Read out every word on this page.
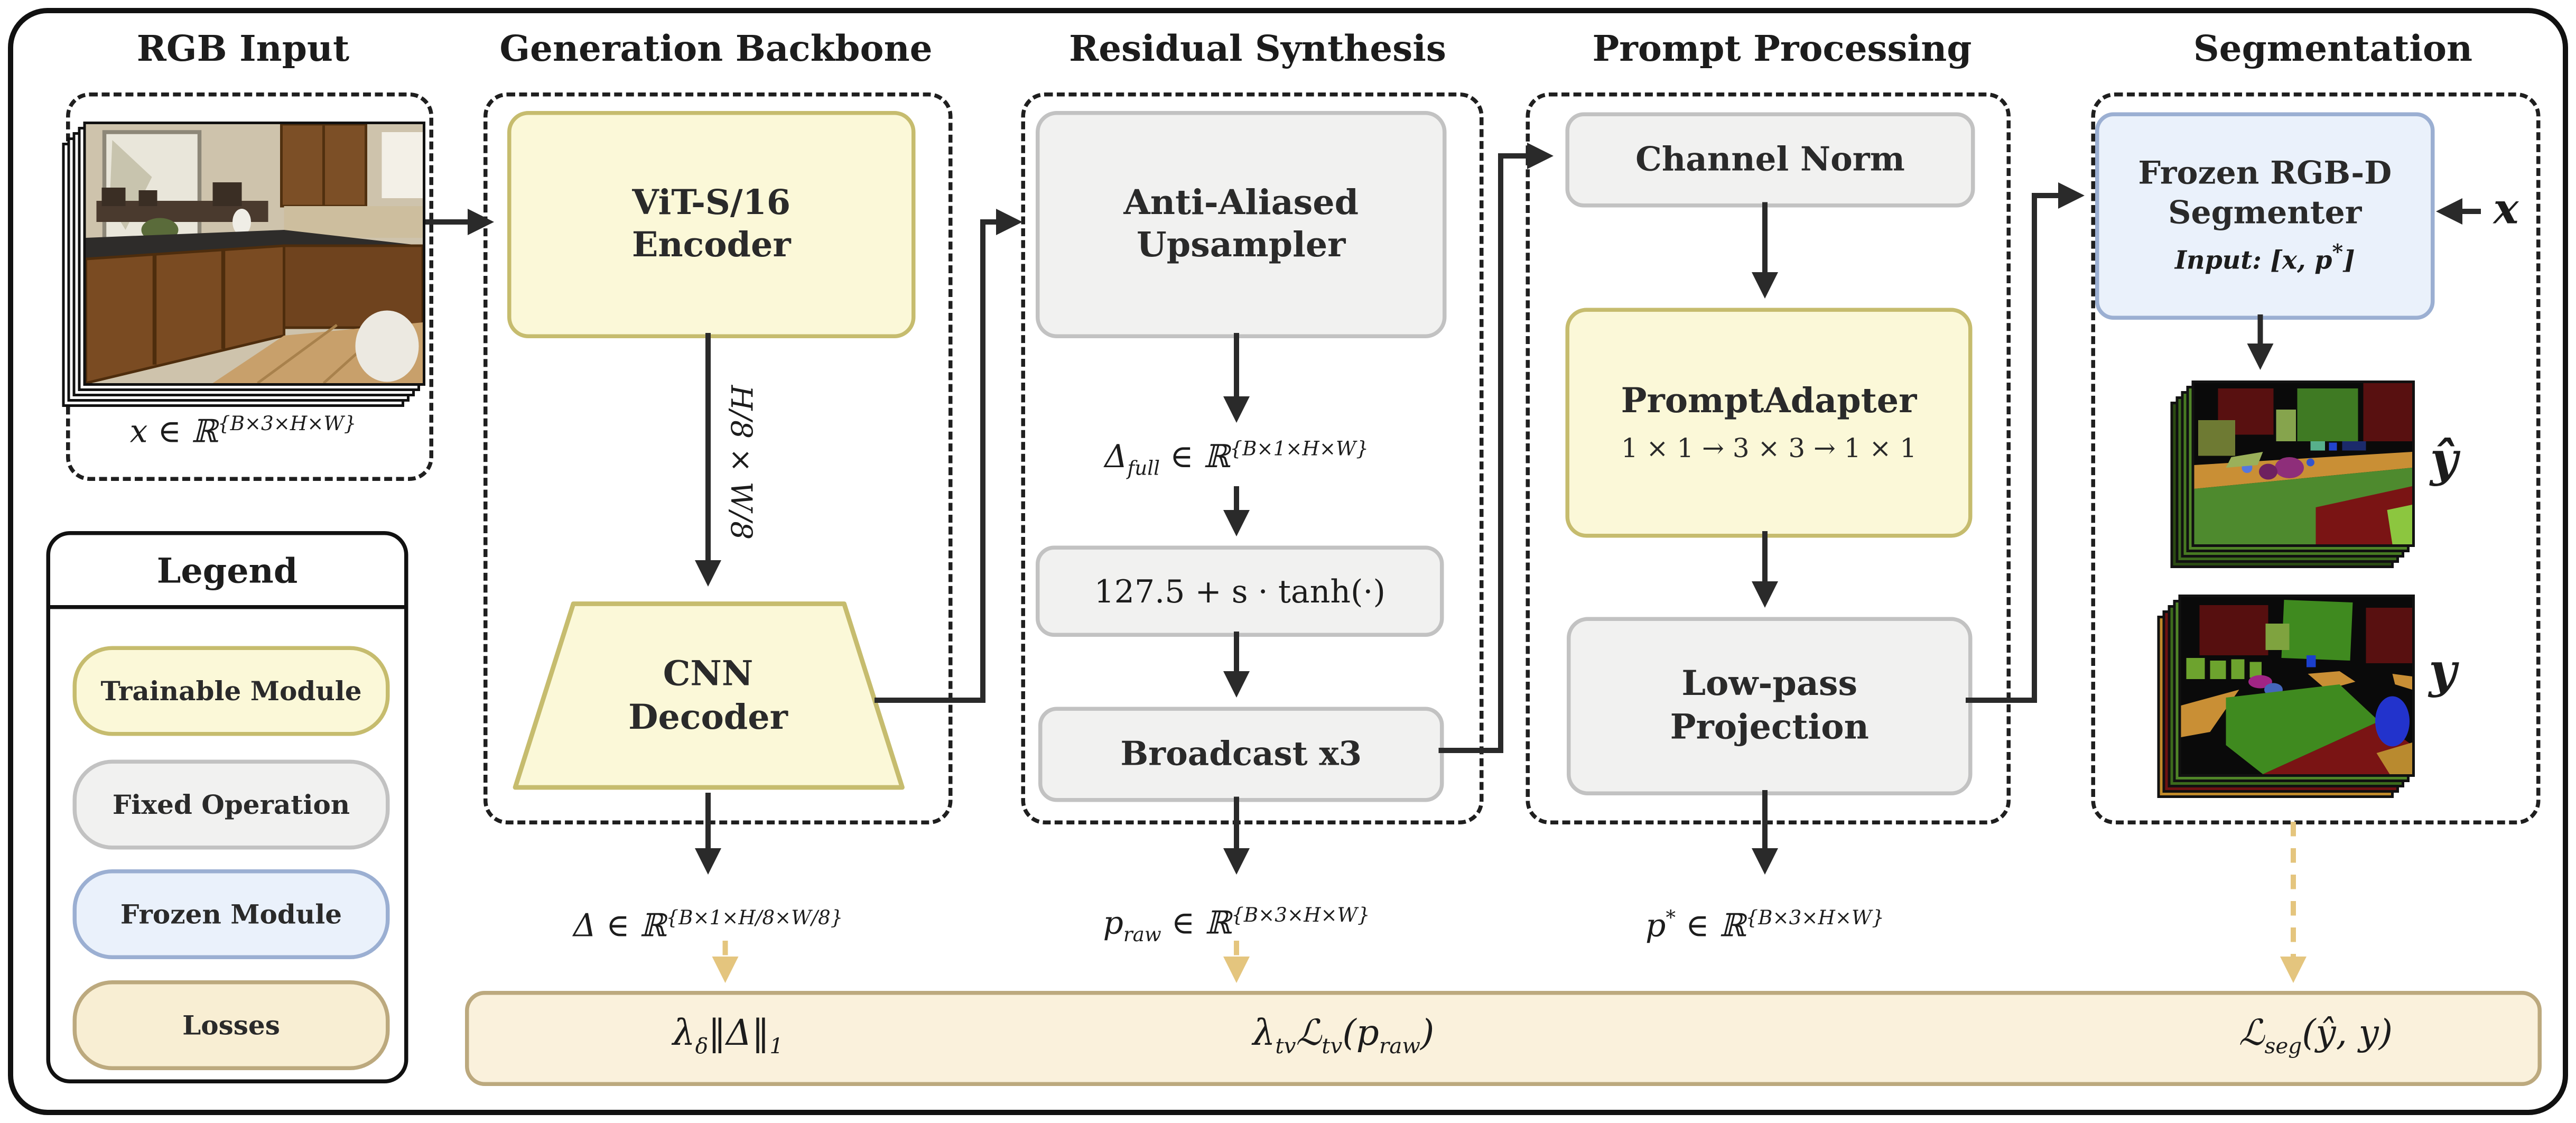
RGB Input	Generation Backbone	Residual Synthesis	Prompt Processing	Segmentation
x ∈ ℝ$^{\{B\times 3\times H\times W\}}$
Legend
Trainable Module
Fixed Operation
Frozen Module
Losses
ViT-S/16
Encoder
H/8 × W/8
CNN
Decoder
Δ ∈ ℝ$^{\{B\times 1\times H/8\times W/8\}}$
Anti-Aliased
Upsampler
$\Delta_{full}$ ∈ ℝ$^{\{B\times 1\times H\times W\}}$
127.5 + s · tanh(·)
Broadcast x3
$p_{raw}$ ∈ ℝ$^{\{B\times 3\times H\times W\}}$
Channel Norm
PromptAdapter
1 × 1 → 3 × 3 → 1 × 1
Low-pass
Projection
p* ∈ ℝ$^{\{B\times 3\times H\times W\}}$
Frozen RGB-D
Segmenter
Input: [x, p*]
x
ŷ
y
$\lambda_\delta‖\Delta‖_1$	$\lambda_{tv}ℒ_{tv}(p_{raw})$	ℒ$_{seg}$(ŷ, y)
